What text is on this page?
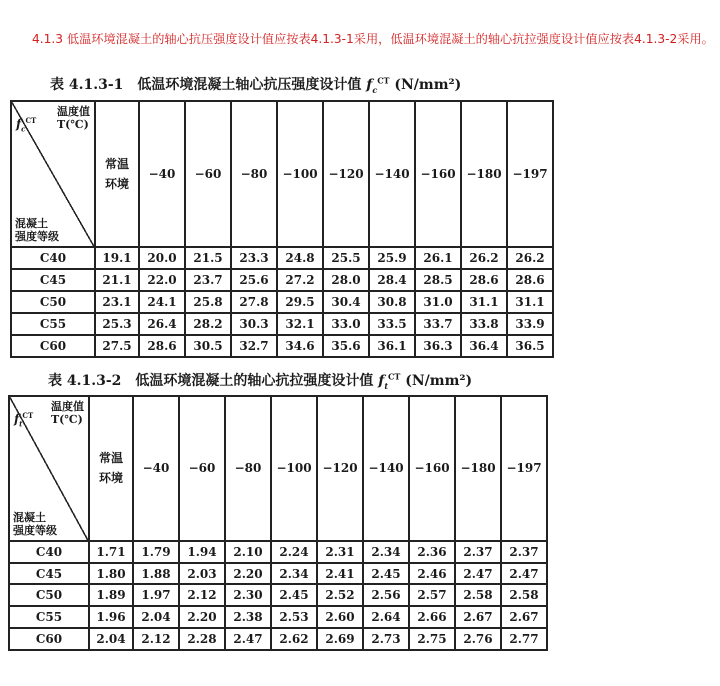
4.1.3 低温环境混凝土的轴心抗压强度设计值应按表4.1.3-1采用，低温环境混凝土的轴心抗拉强度设计值应按表4.1.3-2采用。
表 4.1.3-1　低温环境混凝土轴心抗压强度设计值 $f_c^{CT}$ (N/mm²)
温度值
T(℃)
$f_c^{CT}$
混凝土
强度等级	常温环境	−40	−60	−80	−100	−120	−140	−160	−180	−197
C40	19.1	20.0	21.5	23.3	24.8	25.5	25.9	26.1	26.2	26.2
C45	21.1	22.0	23.7	25.6	27.2	28.0	28.4	28.5	28.6	28.6
C50	23.1	24.1	25.8	27.8	29.5	30.4	30.8	31.0	31.1	31.1
C55	25.3	26.4	28.2	30.3	32.1	33.0	33.5	33.7	33.8	33.9
C60	27.5	28.6	30.5	32.7	34.6	35.6	36.1	36.3	36.4	36.5
表 4.1.3-2　低温环境混凝土的轴心抗拉强度设计值 $f_t^{CT}$ (N/mm²)
温度值
T(℃)
$f_t^{CT}$
混凝土
强度等级	常温环境	−40	−60	−80	−100	−120	−140	−160	−180	−197
C40	1.71	1.79	1.94	2.10	2.24	2.31	2.34	2.36	2.37	2.37
C45	1.80	1.88	2.03	2.20	2.34	2.41	2.45	2.46	2.47	2.47
C50	1.89	1.97	2.12	2.30	2.45	2.52	2.56	2.57	2.58	2.58
C55	1.96	2.04	2.20	2.38	2.53	2.60	2.64	2.66	2.67	2.67
C60	2.04	2.12	2.28	2.47	2.62	2.69	2.73	2.75	2.76	2.77
